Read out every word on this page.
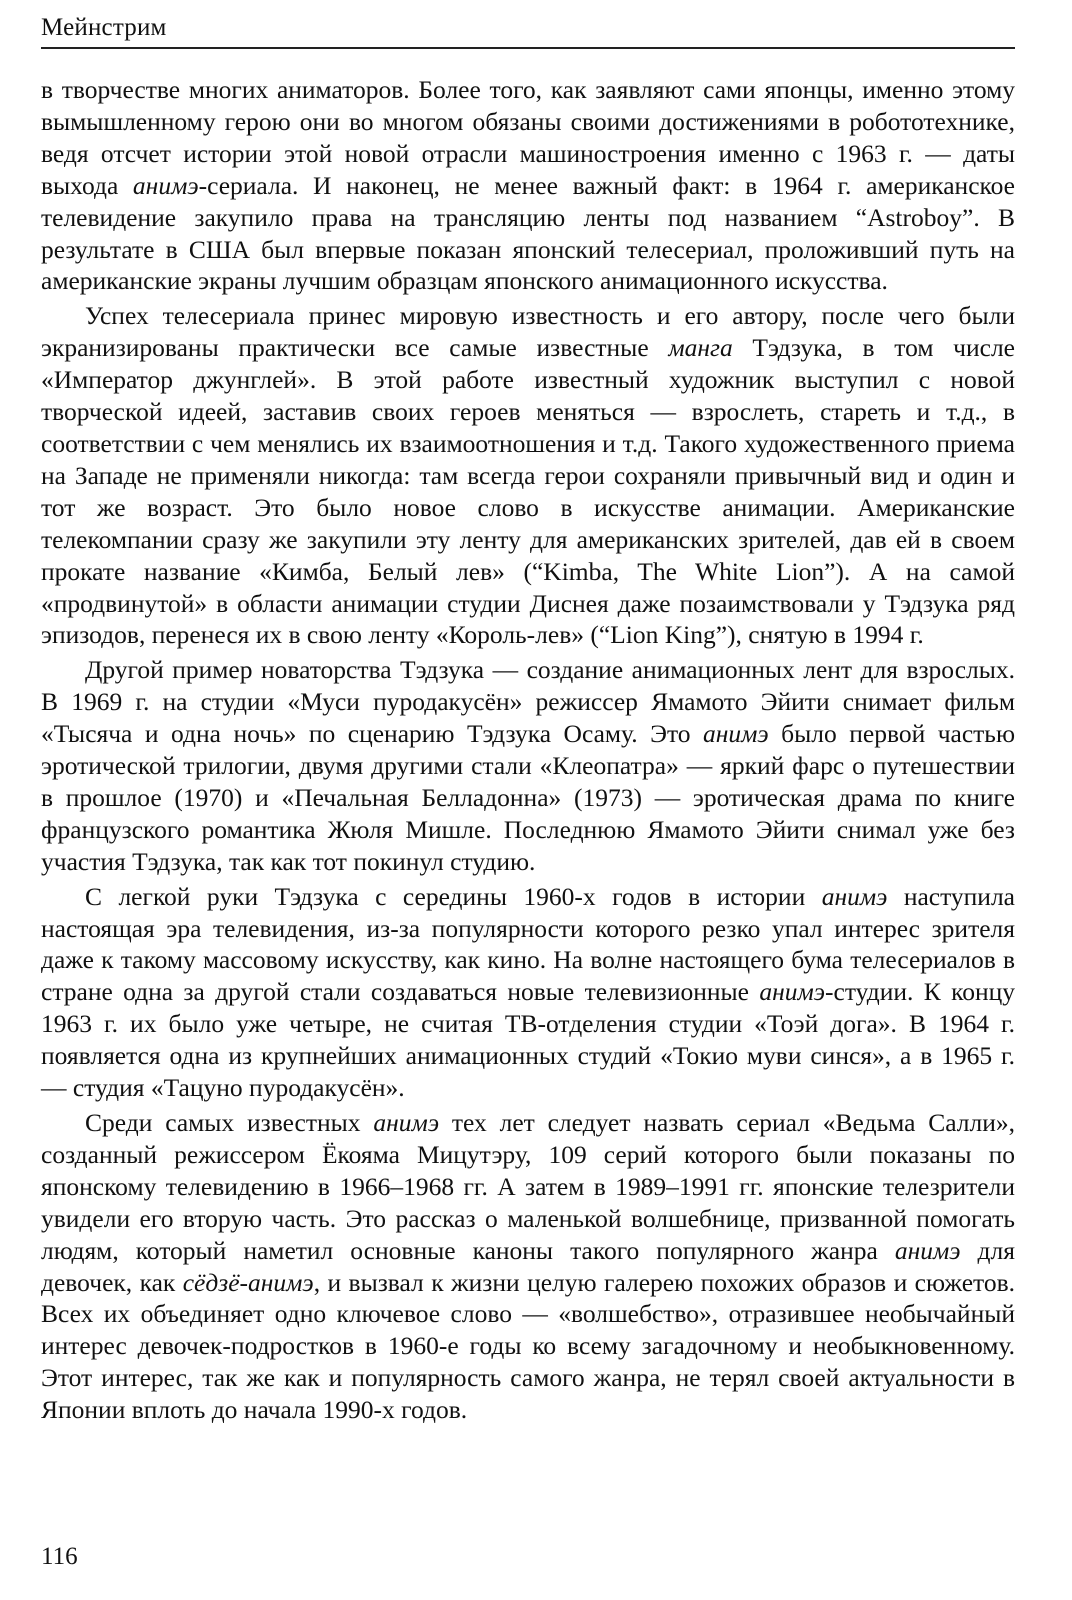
Мейнстрим

в творчестве многих аниматоров. Более того, как заявляют сами японцы, именно этому вымышленному герою они во многом обязаны своими достижениями в робототехнике, ведя отсчет истории этой новой отрасли машиностроения именно с 1963 г. — даты выхода анимэ-сериала. И наконец, не менее важный факт: в 1964 г. американское телевидение закупило права на трансляцию ленты под названием “Astroboy”. В результате в США был впервые показан японский телесериал, проложивший путь на американские экраны лучшим образцам японского анимационного искусства.

Успех телесериала принес мировую известность и его автору, после чего были экранизированы практически все самые известные манга Тэдзука, в том числе «Император джунглей». В этой работе известный художник выступил с новой творческой идеей, заставив своих героев меняться — взрослеть, стареть и т.д., в соответствии с чем менялись их взаимоотношения и т.д. Такого художественного приема на Западе не применяли никогда: там всегда герои сохраняли привычный вид и один и тот же возраст. Это было новое слово в искусстве анимации. Американские телекомпании сразу же закупили эту ленту для американских зрителей, дав ей в своем прокате название «Кимба, Белый лев» (“Kimba, The White Lion”). А на самой «продвинутой» в области анимации студии Диснея даже позаимствовали у Тэдзука ряд эпизодов, перенеся их в свою ленту «Король-лев» (“Lion King”), снятую в 1994 г.

Другой пример новаторства Тэдзука — создание анимационных лент для взрослых. В 1969 г. на студии «Муси пуродакусён» режиссер Ямамото Эйити снимает фильм «Тысяча и одна ночь» по сценарию Тэдзука Осаму. Это анимэ было первой частью эротической трилогии, двумя другими стали «Клеопатра» — яркий фарс о путешествии в прошлое (1970) и «Печальная Белладонна» (1973) — эротическая драма по книге французского романтика Жюля Мишле. Последнюю Ямамото Эйити снимал уже без участия Тэдзука, так как тот покинул студию.

С легкой руки Тэдзука с середины 1960-х годов в истории анимэ наступила настоящая эра телевидения, из-за популярности которого резко упал интерес зрителя даже к такому массовому искусству, как кино. На волне настоящего бума телесериалов в стране одна за другой стали создаваться новые телевизионные анимэ-студии. К концу 1963 г. их было уже четыре, не считая ТВ-отделения студии «Тоэй дога». В 1964 г. появляется одна из крупнейших анимационных студий «Токио муви синся», а в 1965 г. — студия «Тацуно пуродакусён».

Среди самых известных анимэ тех лет следует назвать сериал «Ведьма Салли», созданный режиссером Ёкояма Мицутэру, 109 серий которого были показаны по японскому телевидению в 1966–1968 гг. А затем в 1989–1991 гг. японские телезрители увидели его вторую часть. Это рассказ о маленькой волшебнице, призванной помогать людям, который наметил основные каноны такого популярного жанра анимэ для девочек, как сёдзё-анимэ, и вызвал к жизни целую галерею похожих образов и сюжетов. Всех их объединяет одно ключевое слово — «волшебство», отразившее необычайный интерес девочек-подростков в 1960-е годы ко всему загадочному и необыкновенному. Этот интерес, так же как и популярность самого жанра, не терял своей актуальности в Японии вплоть до начала 1990-х годов.

116
